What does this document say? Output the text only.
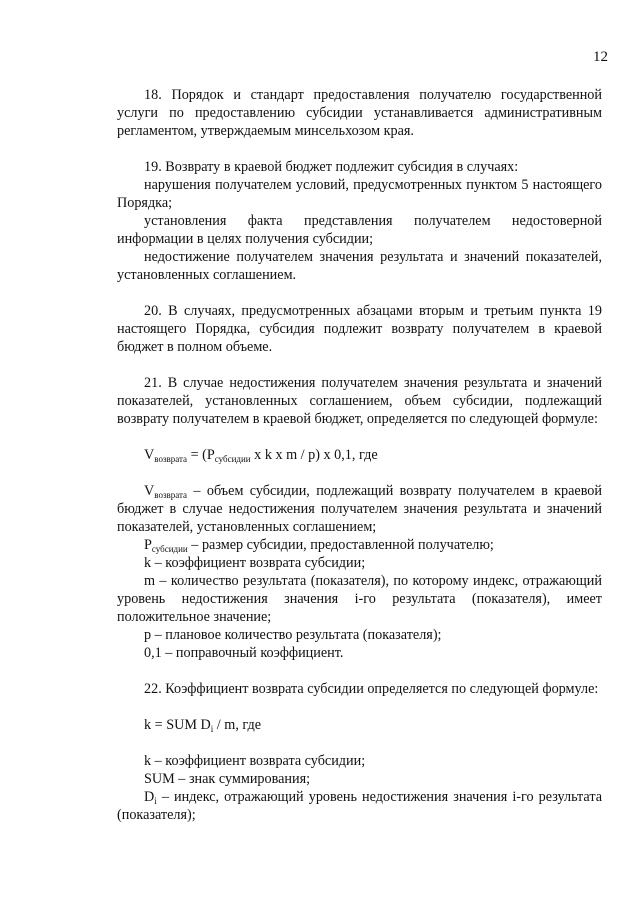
12

18. Порядок и стандарт предоставления получателю государственной услуги по предоставлению субсидии устанавливается административным регламентом, утверждаемым минсельхозом края.

19. Возврату в краевой бюджет подлежит субсидия в случаях:

нарушения получателем условий, предусмотренных пунктом 5 настоящего Порядка;

установления факта представления получателем недостоверной информации в целях получения субсидии;

недостижение получателем значения результата и значений показателей, установленных соглашением.

20. В случаях, предусмотренных абзацами вторым и третьим пункта 19 настоящего Порядка, субсидия подлежит возврату получателем в краевой бюджет в полном объеме.

21. В случае недостижения получателем значения результата и значений показателей, установленных соглашением, объем субсидии, подлежащий возврату получателем в краевой бюджет, определяется по следующей формуле:

$V_{возврата} = (P_{субсидии}$ x k x m / p) x 0,1, где

$V_{возврата}$ – объем субсидии, подлежащий возврату получателем в краевой бюджет в случае недостижения получателем значения результата и значений показателей, установленных соглашением;

$P_{субсидии}$ – размер субсидии, предоставленной получателю;

k – коэффициент возврата субсидии;

m – количество результата (показателя), по которому индекс, отражающий уровень недостижения значения i-го результата (показателя), имеет положительное значение;

p – плановое количество результата (показателя);

0,1 – поправочный коэффициент.

22. Коэффициент возврата субсидии определяется по следующей формуле:

k = SUM $D_i$ / m, где

k – коэффициент возврата субсидии;

SUM – знак суммирования;

$D_i$ – индекс, отражающий уровень недостижения значения i-го результата (показателя);
